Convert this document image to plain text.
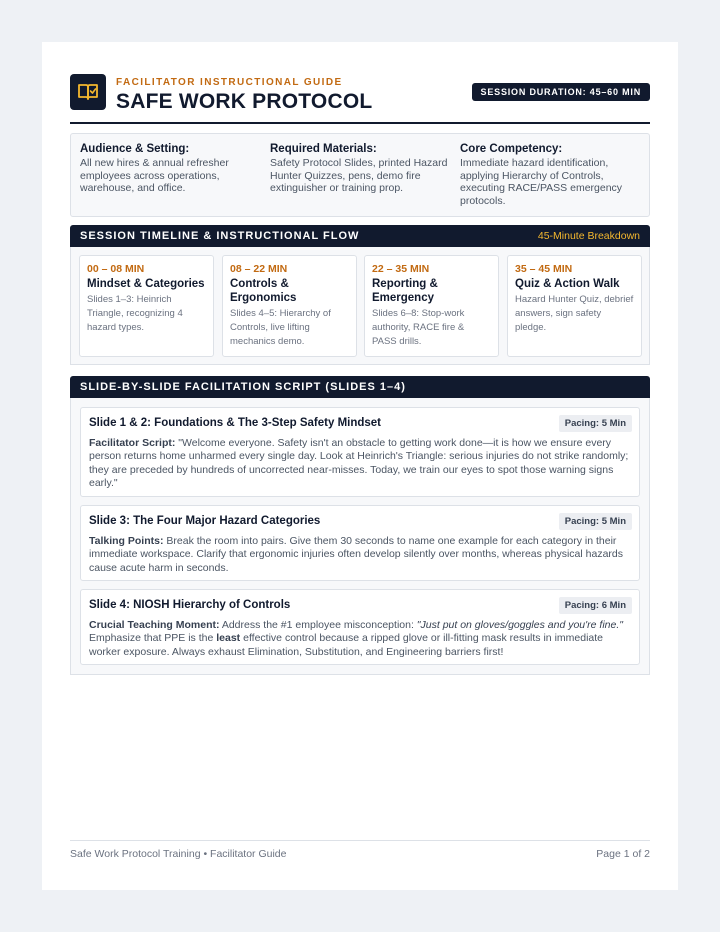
FACILITATOR INSTRUCTIONAL GUIDE
SAFE WORK PROTOCOL	SESSION DURATION: 45–60 MIN
Audience & Setting:

All new hires & annual refresher employees across operations, warehouse, and office.

Required Materials:

Safety Protocol Slides, printed Hazard Hunter Quizzes, pens, demo fire extinguisher or training prop.

Core Competency:

Immediate hazard identification, applying Hierarchy of Controls, executing RACE/PASS emergency protocols.

SESSION TIMELINE & INSTRUCTIONAL FLOW	45-Minute Breakdown
00 – 08 MIN
Mindset & Categories
Slides 1–3: Heinrich Triangle, recognizing 4 hazard types.
08 – 22 MIN
Controls & Ergonomics
Slides 4–5: Hierarchy of Controls, live lifting mechanics demo.
22 – 35 MIN
Reporting & Emergency
Slides 6–8: Stop-work authority, RACE fire & PASS drills.
35 – 45 MIN
Quiz & Action Walk
Hazard Hunter Quiz, debrief answers, sign safety pledge.
SLIDE-BY-SLIDE FACILITATION SCRIPT (SLIDES 1–4)
Slide 1 & 2: Foundations & The 3-Step Safety Mindset	Pacing: 5 Min
Facilitator Script: "Welcome everyone. Safety isn't an obstacle to getting work done—it is how we ensure every person returns home unharmed every single day. Look at Heinrich's Triangle: serious injuries do not strike randomly; they are preceded by hundreds of uncorrected near-misses. Today, we train our eyes to spot those warning signs early."
Slide 3: The Four Major Hazard Categories	Pacing: 5 Min
Talking Points: Break the room into pairs. Give them 30 seconds to name one example for each category in their immediate workspace. Clarify that ergonomic injuries often develop silently over months, whereas physical hazards cause acute harm in seconds.
Slide 4: NIOSH Hierarchy of Controls	Pacing: 6 Min
Crucial Teaching Moment: Address the #1 employee misconception: "Just put on gloves/goggles and you're fine." Emphasize that PPE is the least effective control because a ripped glove or ill-fitting mask results in immediate worker exposure. Always exhaust Elimination, Substitution, and Engineering barriers first!
Safe Work Protocol Training • Facilitator Guide	Page 1 of 2
